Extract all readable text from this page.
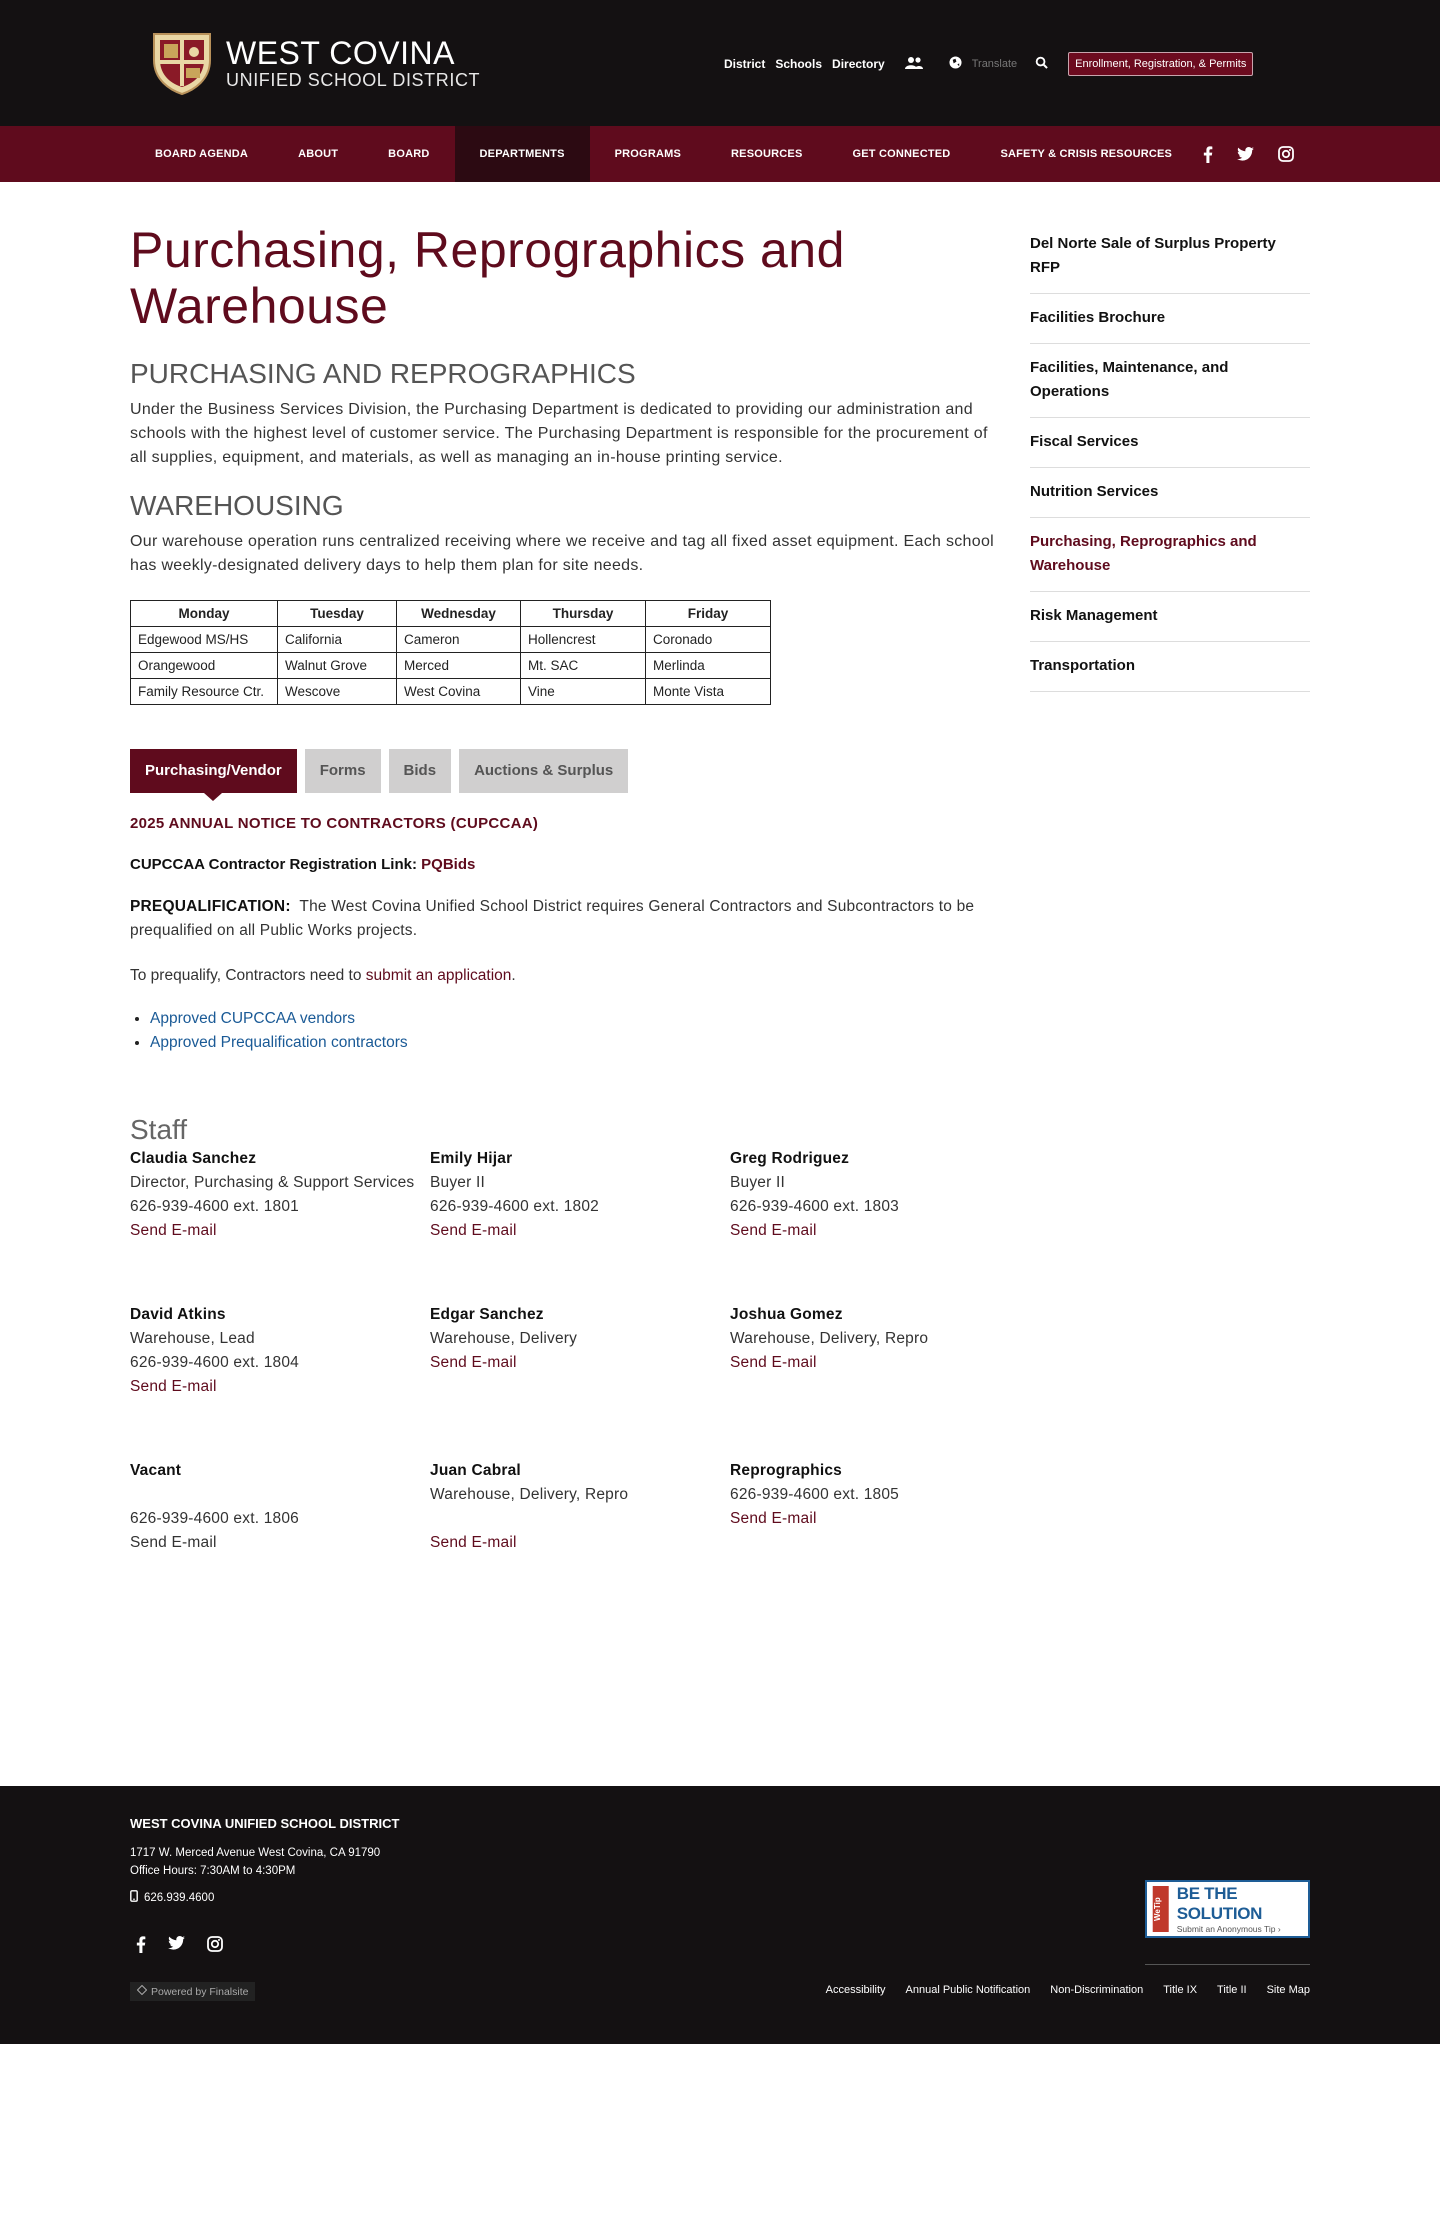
WEST COVINA
UNIFIED SCHOOL DISTRICT
District Schools Directory	Translate	Enrollment, Registration, & Permits
BOARD AGENDA	ABOUT	BOARD	DEPARTMENTS	PROGRAMS	RESOURCES	GET CONNECTED	SAFETY & CRISIS RESOURCES
Purchasing, Reprographics and Warehouse
PURCHASING AND REPROGRAPHICS

Under the Business Services Division, the Purchasing Department is dedicated to providing our administration and schools with the highest level of customer service. The Purchasing Department is responsible for the procurement of all supplies, equipment, and materials, as well as managing an in-house printing service.

WAREHOUSING

Our warehouse operation runs centralized receiving where we receive and tag all fixed asset equipment. Each school has weekly-designated delivery days to help them plan for site needs.

Monday	Tuesday	Wednesday	Thursday	Friday
Edgewood MS/HS	California	Cameron	Hollencrest	Coronado
Orangewood	Walnut Grove	Merced	Mt. SAC	Merlinda
Family Resource Ctr.	Wescove	West Covina	Vine	Monte Vista
Purchasing/Vendor	Forms	Bids	Auctions & Surplus
2025 ANNUAL NOTICE TO CONTRACTORS (CUPCCAA)
CUPCCAA Contractor Registration Link: PQBids
PREQUALIFICATION: The West Covina Unified School District requires General Contractors and Subcontractors to be prequalified on all Public Works projects.
To prequalify, Contractors need to submit an application.
• Approved CUPCCAA vendors
• Approved Prequalification contractors
Staff
Claudia Sanchez
Director, Purchasing & Support Services
626-939-4600 ext. 1801
Send E-mail
Emily Hijar
Buyer II
626-939-4600 ext. 1802
Send E-mail
Greg Rodriguez
Buyer II
626-939-4600 ext. 1803
Send E-mail
David Atkins
Warehouse, Lead
626-939-4600 ext. 1804
Send E-mail
Edgar Sanchez
Warehouse, Delivery
Send E-mail
Joshua Gomez
Warehouse, Delivery, Repro
Send E-mail
Vacant
626-939-4600 ext. 1806
Send E-mail
Juan Cabral
Warehouse, Delivery, Repro
Send E-mail
Reprographics
626-939-4600 ext. 1805
Send E-mail
Del Norte Sale of Surplus Property RFP
Facilities Brochure
Facilities, Maintenance, and Operations
Fiscal Services
Nutrition Services
Purchasing, Reprographics and Warehouse
Risk Management
Transportation
WEST COVINA UNIFIED SCHOOL DISTRICT
1717 W. Merced Avenue West Covina, CA 91790
Office Hours: 7:30AM to 4:30PM
626.939.4600
Powered by Finalsite
WeTip
BE THE SOLUTION
Submit an Anonymous Tip ›
Accessibility Annual Public Notification Non-Discrimination Title IX Title II Site Map
